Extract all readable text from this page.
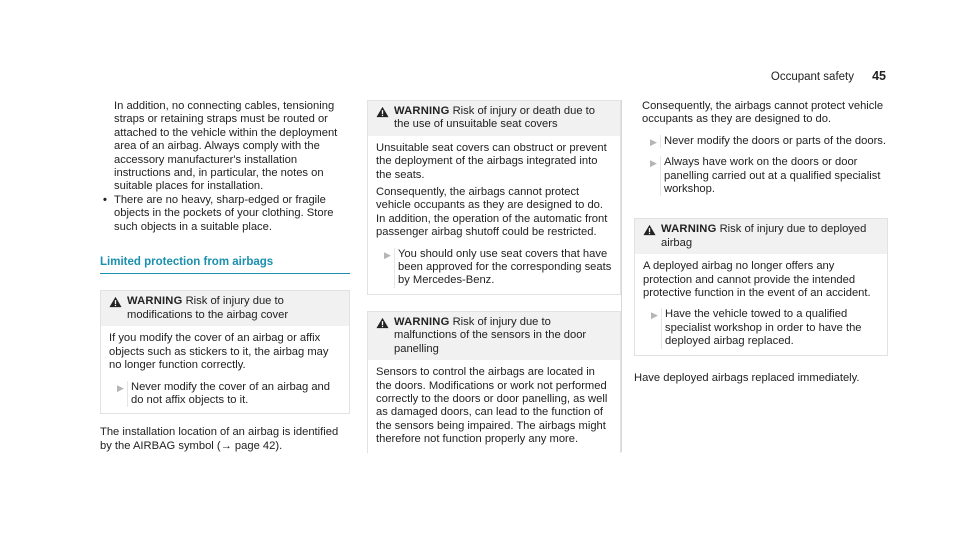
Occupant safety 45

In addition, no connecting cables, tensioning straps or retaining straps must be routed or attached to the vehicle within the deployment area of an airbag. Always comply with the accessory manufacturer's installation instructions and, in particular, the notes on suitable places for installation.

• There are no heavy, sharp-edged or fragile objects in the pockets of your clothing. Store such objects in a suitable place.
Limited protection from airbags
WARNING Risk of injury due to modifications to the airbag cover

If you modify the cover of an airbag or affix objects such as stickers to it, the airbag may no longer function correctly.

▶ Never modify the cover of an airbag and do not affix objects to it.

The installation location of an airbag is identified by the AIRBAG symbol (→ page 42).

WARNING Risk of injury or death due to the use of unsuitable seat covers

Unsuitable seat covers can obstruct or prevent the deployment of the airbags integrated into the seats.

Consequently, the airbags cannot protect vehicle occupants as they are designed to do. In addition, the operation of the automatic front passenger airbag shutoff could be restricted.

▶ You should only use seat covers that have been approved for the corresponding seats by Mercedes-Benz.
WARNING Risk of injury due to malfunctions of the sensors in the door panelling

Sensors to control the airbags are located in the doors. Modifications or work not performed correctly to the doors or door panelling, as well as damaged doors, can lead to the function of the sensors being impaired. The airbags might therefore not function properly any more.

Consequently, the airbags cannot protect vehicle occupants as they are designed to do.

▶ Never modify the doors or parts of the doors.
▶ Always have work on the doors or door panelling carried out at a qualified specialist workshop.
WARNING Risk of injury due to deployed airbag

A deployed airbag no longer offers any protection and cannot provide the intended protective function in the event of an accident.

▶ Have the vehicle towed to a qualified specialist workshop in order to have the deployed airbag replaced.

Have deployed airbags replaced immediately.
